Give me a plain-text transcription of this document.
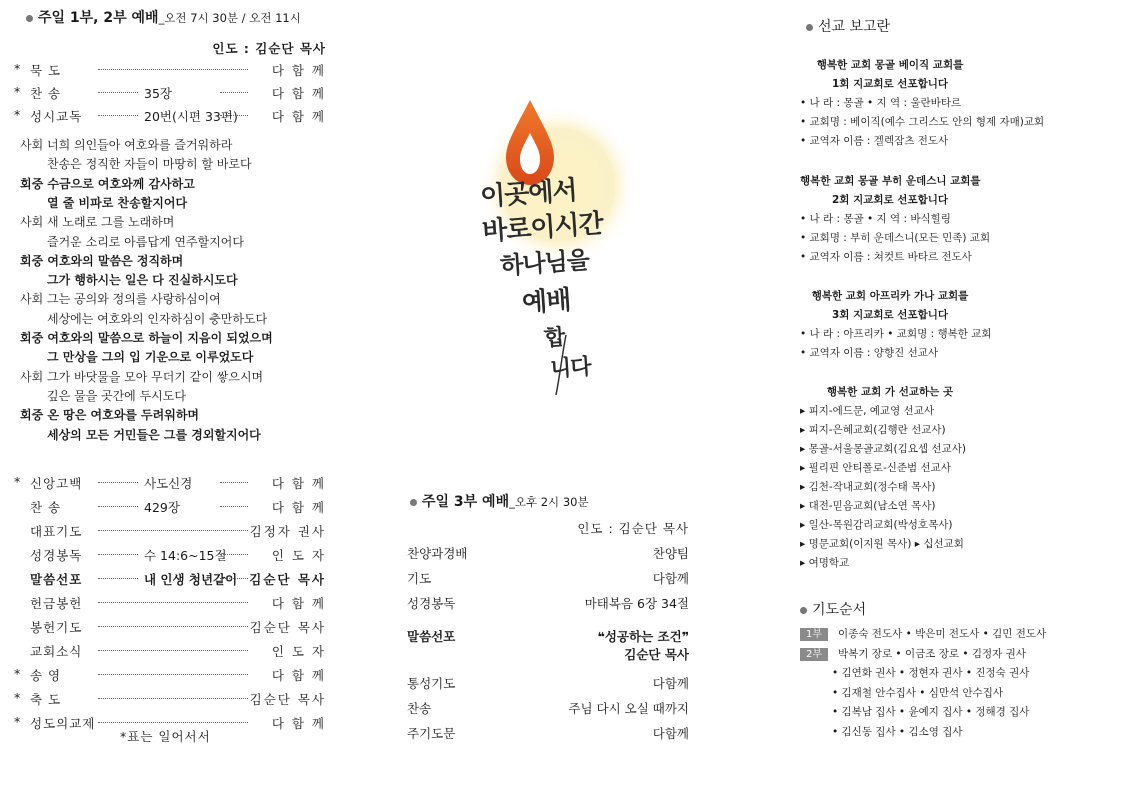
주일 1부, 2부 예배_오전 7시 30분 / 오전 11시
인도 : 김순단 목사
* 묵 도	다 함 께
* 찬 송	35장	다 함 께
* 성시교독	20번(시편 33편)	다 함 께
사회 너희 의인들아 여호와를 즐거워하라
찬송은 정직한 자들이 마땅히 할 바로다
회중 수금으로 여호와께 감사하고
열 줄 비파로 찬송할지어다
사회 새 노래로 그를 노래하며
즐거운 소리로 아름답게 연주할지어다
회중 여호와의 말씀은 정직하며
그가 행하시는 일은 다 진실하시도다
사회 그는 공의와 정의를 사랑하심이여
세상에는 여호와의 인자하심이 충만하도다
회중 여호와의 말씀으로 하늘이 지음이 되었으며
그 만상을 그의 입 기운으로 이루었도다
사회 그가 바닷물을 모아 무더기 같이 쌓으시며
깊은 물을 곳간에 두시도다
회중 온 땅은 여호와를 두려워하며
세상의 모든 거민들은 그를 경외할지어다
* 신앙고백	사도신경	다 함 께
찬 송	429장	다 함 께
대표기도	김정자 권사
성경봉독	수 14:6~15절	인 도 자
말씀선포	내 인생 청년같이 김순단 목사
헌금봉헌	다 함 께
봉헌기도	김순단 목사
교회소식	인 도 자
* 송 영	다 함 께
* 축 도	김순단 목사
* 성도의교제	다 함 께
*표는 일어서서
이곳에서
바로이시간
하나님을
예배
합
니다
주일 3부 예배_오후 2시 30분
인도 : 김순단 목사
찬양과경배	찬양팀
기도	다함께
성경봉독	마태복음 6장 34절
말씀선포	❝성공하는 조건❞
김순단 목사
통성기도	다함께
찬송	주님 다시 오실 때까지
주기도문	다함께
선교 보고란
행복한 교회 몽골 베이직 교회를
1회 지교회로 선포합니다
• 나 라 : 몽골 • 지 역 : 울란바타르
• 교회명 : 베이직(예수 그리스도 안의 형제 자매)교회
• 교역자 이름 : 겔렉잠츠 전도사
행복한 교회 몽골 부히 운데스니 교회를
2회 지교회로 선포합니다
• 나 라 : 몽골 • 지 역 : 바식힐링
• 교회명 : 부히 운데스니(모든 민족) 교회
• 교역자 이름 : 쳐컷트 바타르 전도사
행복한 교회 아프리카 가나 교회를
3회 지교회로 선포합니다
• 나 라 : 아프리카 • 교회명 : 행복한 교회
• 교역자 이름 : 양향진 선교사
행복한 교회 가 선교하는 곳
▸ 피지-에드문, 예교영 선교사
▸ 피지-은혜교회(김행란 선교사)
▸ 몽골-서울몽골교회(김요셉 선교사)
▸ 필리핀 안티폴로-신준범 선교사
▸ 김천-작내교회(정수태 목사)
▸ 대전-믿음교회(남소연 목사)
▸ 일산-목원감리교회(박성호목사)
▸ 명문교회(이지원 목사) ▸ 십선교회
▸ 여명학교
기도순서
1부 이종숙 전도사 • 박은미 전도사 • 김민 전도사
2부 박복기 장로 • 이금조 장로 • 김정자 권사
• 김연화 권사 • 정현자 권사 • 진정숙 권사
• 김재철 안수집사 • 심만석 안수집사
• 김복남 집사 • 윤예지 집사 • 정해경 집사
• 김신동 집사 • 김소영 집사
